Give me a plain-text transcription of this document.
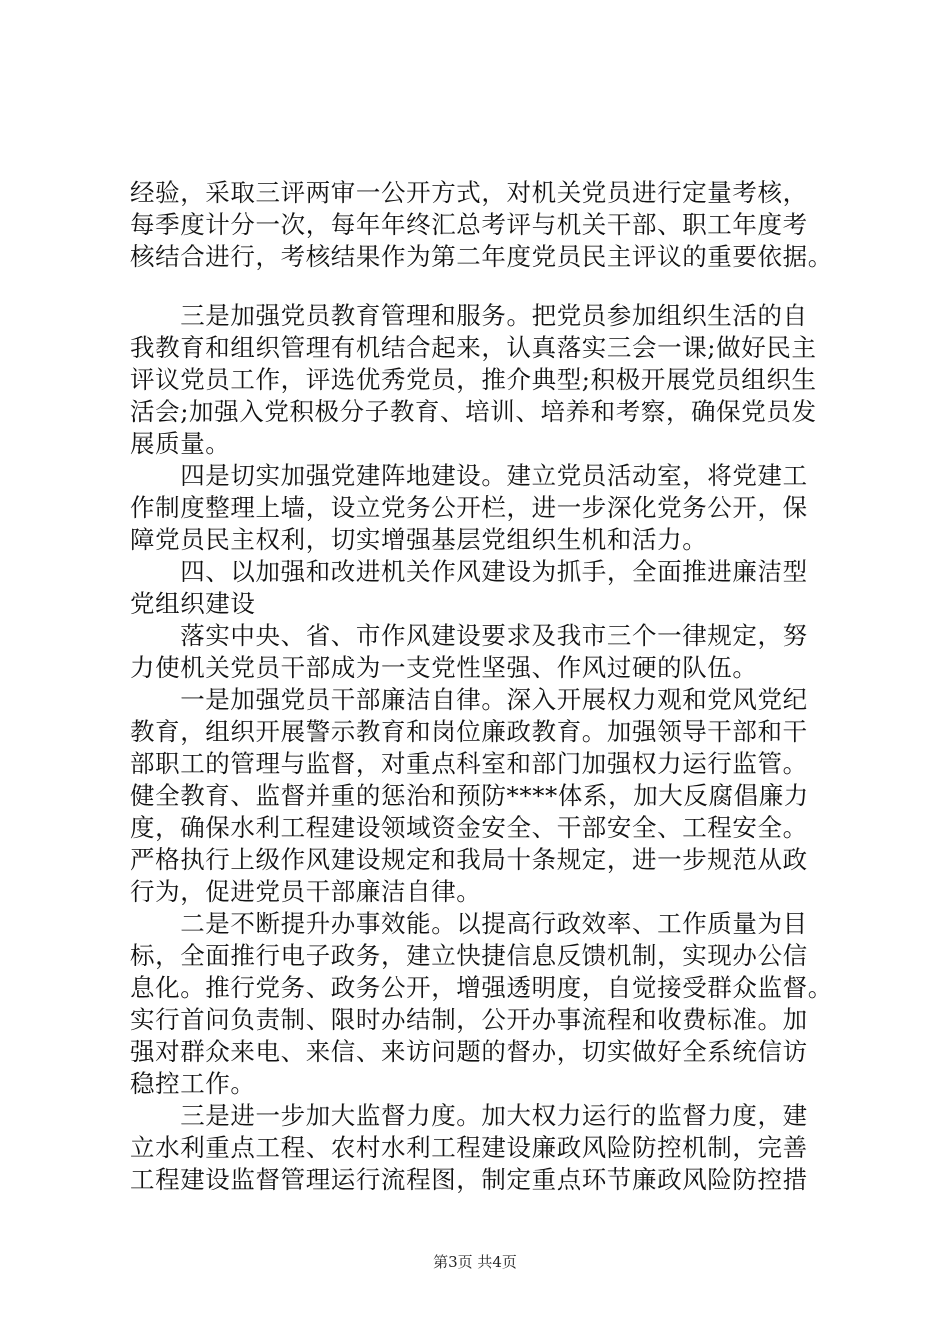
经验，采取三评两审一公开方式，对机关党员进行定量考核，
每季度计分一次，每年年终汇总考评与机关干部、职工年度考
核结合进行，考核结果作为第二年度党员民主评议的重要依据。
　　三是加强党员教育管理和服务。把党员参加组织生活的自
我教育和组织管理有机结合起来，认真落实三会一课;做好民主
评议党员工作，评选优秀党员，推介典型;积极开展党员组织生
活会;加强入党积极分子教育、培训、培养和考察，确保党员发
展质量。
　　四是切实加强党建阵地建设。建立党员活动室，将党建工
作制度整理上墙，设立党务公开栏，进一步深化党务公开，保
障党员民主权利，切实增强基层党组织生机和活力。
　　四、以加强和改进机关作风建设为抓手，全面推进廉洁型
党组织建设
　　落实中央、省、市作风建设要求及我市三个一律规定，努
力使机关党员干部成为一支党性坚强、作风过硬的队伍。
　　一是加强党员干部廉洁自律。深入开展权力观和党风党纪
教育，组织开展警示教育和岗位廉政教育。加强领导干部和干
部职工的管理与监督，对重点科室和部门加强权力运行监管。
健全教育、监督并重的惩治和预防****体系，加大反腐倡廉力
度，确保水利工程建设领域资金安全、干部安全、工程安全。
严格执行上级作风建设规定和我局十条规定，进一步规范从政
行为，促进党员干部廉洁自律。
　　二是不断提升办事效能。以提高行政效率、工作质量为目
标，全面推行电子政务，建立快捷信息反馈机制，实现办公信
息化。推行党务、政务公开，增强透明度，自觉接受群众监督。
实行首问负责制、限时办结制，公开办事流程和收费标准。加
强对群众来电、来信、来访问题的督办，切实做好全系统信访
稳控工作。
　　三是进一步加大监督力度。加大权力运行的监督力度，建
立水利重点工程、农村水利工程建设廉政风险防控机制，完善
工程建设监督管理运行流程图，制定重点环节廉政风险防控措
第3页 共4页
